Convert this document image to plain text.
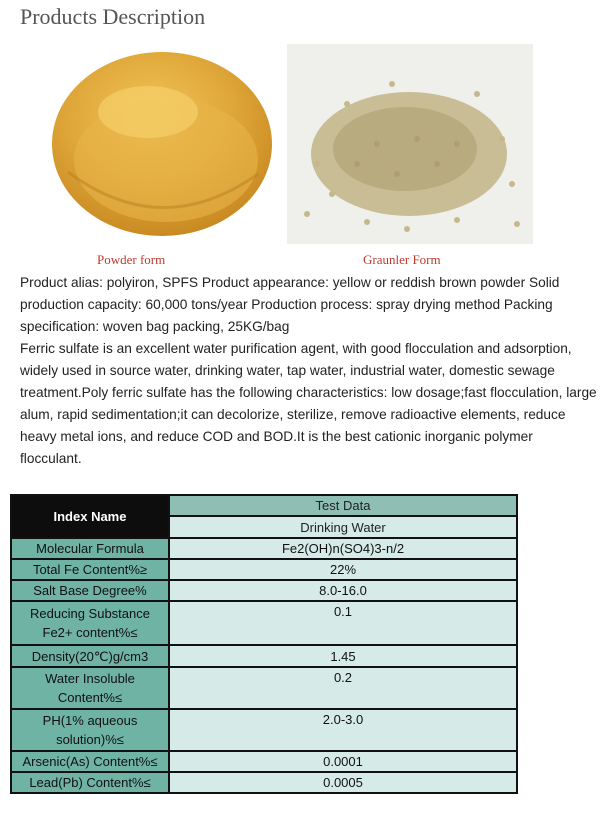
Products Description
Powder form	Graunler Form

Product alias: polyiron, SPFS Product appearance: yellow or reddish brown powder Solid production capacity: 60,000 tons/year Production process: spray drying method Packing specification: woven bag packing, 25KG/bag

Ferric sulfate is an excellent water purification agent, with good flocculation and adsorption, widely used in source water, drinking water, tap water, industrial water, domestic sewage treatment.Poly ferric sulfate has the following characteristics: low dosage;fast flocculation, large alum, rapid sedimentation;it can decolorize, sterilize, remove radioactive elements, reduce heavy metal ions, and reduce COD and BOD.It is the best cationic inorganic polymer flocculant.

Index Name	Test Data
	Drinking Water
Molecular Formula	Fe2(OH)n(SO4)3-n/2
Total Fe Content%≥	22%
Salt Base Degree%	8.0-16.0
Reducing Substance Fe2+ content%≤	0.1
Density(20℃)g/cm3	1.45
Water Insoluble Content%≤	0.2
PH(1% aqueous solution)%≤	2.0-3.0
Arsenic(As) Content%≤	0.0001
Lead(Pb) Content%≤	0.0005
